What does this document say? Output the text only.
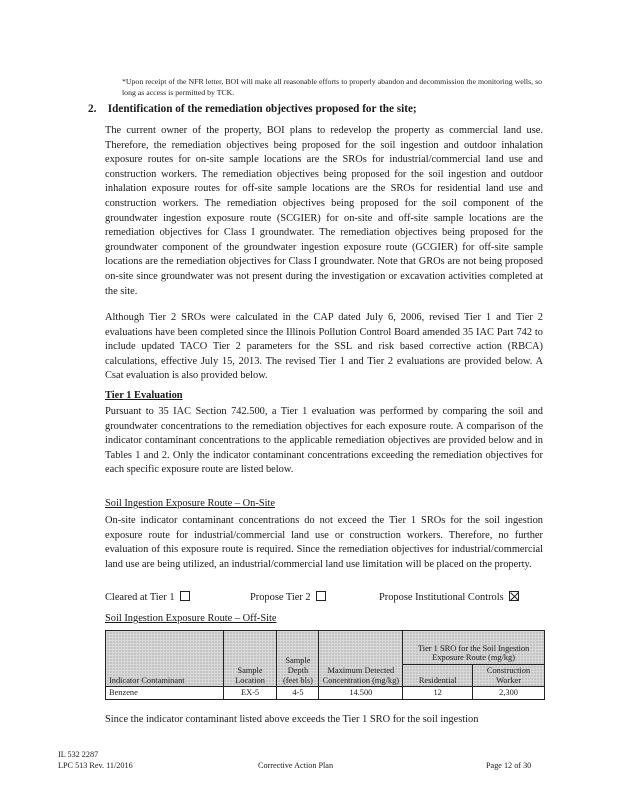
*Upon receipt of the NFR letter, BOI will make all reasonable efforts to properly abandon and decommission the monitoring wells, so long as access is permitted by TCK.
2. Identification of the remediation objectives proposed for the site;

The current owner of the property, BOI plans to redevelop the property as commercial land use. Therefore, the remediation objectives being proposed for the soil ingestion and outdoor inhalation exposure routes for on-site sample locations are the SROs for industrial/commercial land use and construction workers. The remediation objectives being proposed for the soil ingestion and outdoor inhalation exposure routes for off-site sample locations are the SROs for residential land use and construction workers. The remediation objectives being proposed for the soil component of the groundwater ingestion exposure route (SCGIER) for on-site and off-site sample locations are the remediation objectives for Class I groundwater. The remediation objectives being proposed for the groundwater component of the groundwater ingestion exposure route (GCGIER) for off-site sample locations are the remediation objectives for Class I groundwater. Note that GROs are not being proposed on-site since groundwater was not present during the investigation or excavation activities completed at the site.

Although Tier 2 SROs were calculated in the CAP dated July 6, 2006, revised Tier 1 and Tier 2 evaluations have been completed since the Illinois Pollution Control Board amended 35 IAC Part 742 to include updated TACO Tier 2 parameters for the SSL and risk based corrective action (RBCA) calculations, effective July 15, 2013. The revised Tier 1 and Tier 2 evaluations are provided below. A Csat evaluation is also provided below.

Tier 1 Evaluation

Pursuant to 35 IAC Section 742.500, a Tier 1 evaluation was performed by comparing the soil and groundwater concentrations to the remediation objectives for each exposure route. A comparison of the indicator contaminant concentrations to the applicable remediation objectives are provided below and in Tables 1 and 2. Only the indicator contaminant concentrations exceeding the remediation objectives for each specific exposure route are listed below.

Soil Ingestion Exposure Route – On-Site

On-site indicator contaminant concentrations do not exceed the Tier 1 SROs for the soil ingestion exposure route for industrial/commercial land use or construction workers. Therefore, no further evaluation of this exposure route is required. Since the remediation objectives for industrial/commercial land use are being utilized, an industrial/commercial land use limitation will be placed on the property.

Cleared at Tier 1	Propose Tier 2	Propose Institutional Controls
Soil Ingestion Exposure Route – Off-Site
Indicator Contaminant	Sample Location	Sample Depth (feet bls)	Maximum Detected Concentration (mg/kg)	Tier 1 SRO for the Soil Ingestion Exposure Route (mg/kg)	
				Residential	Construction Worker
Benzene	EX-5	4-5	14.500	12	2,300

Since the indicator contaminant listed above exceeds the Tier 1 SRO for the soil ingestion

IL 532 2287
LPC 513 Rev. 11/2016	Corrective Action Plan	Page 12 of 30
